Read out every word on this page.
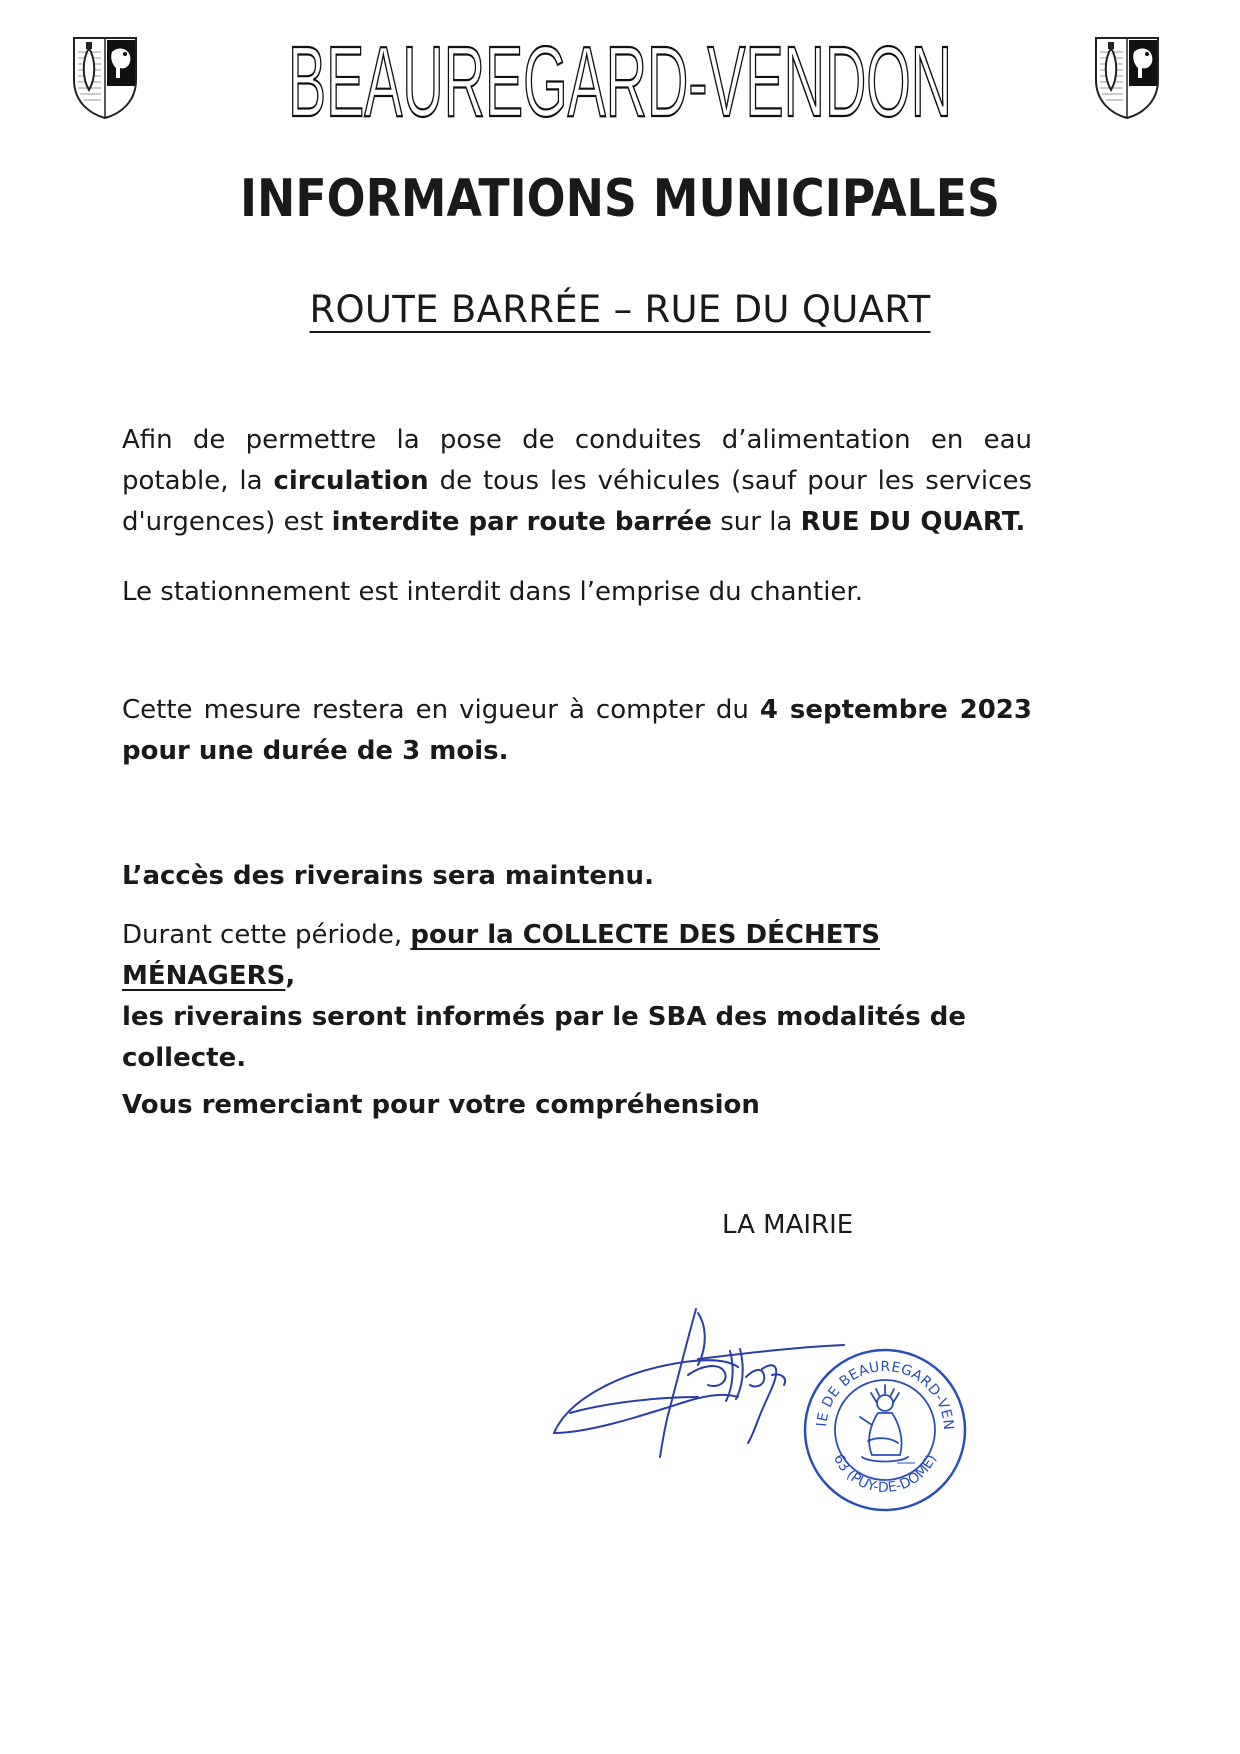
BEAUREGARD-VENDON
INFORMATIONS MUNICIPALES
ROUTE BARRÉE – RUE DU QUART
Afin de permettre la pose de conduites d’alimentation en eau potable, la circulation de tous les véhicules (sauf pour les services d'urgences) est interdite par route barrée sur la RUE DU QUART.
Le stationnement est interdit dans l’emprise du chantier.
Cette mesure restera en vigueur à compter du 4 septembre 2023 pour une durée de 3 mois.
L’accès des riverains sera maintenu.
Durant cette période, pour la COLLECTE DES DÉCHETS MÉNAGERS,
les riverains seront informés par le SBA des modalités de collecte.
Vous remerciant pour votre compréhension
LA MAIRIE
IE DE BEAUREGARD-VEN
63 (PUY-DE-DOME)
